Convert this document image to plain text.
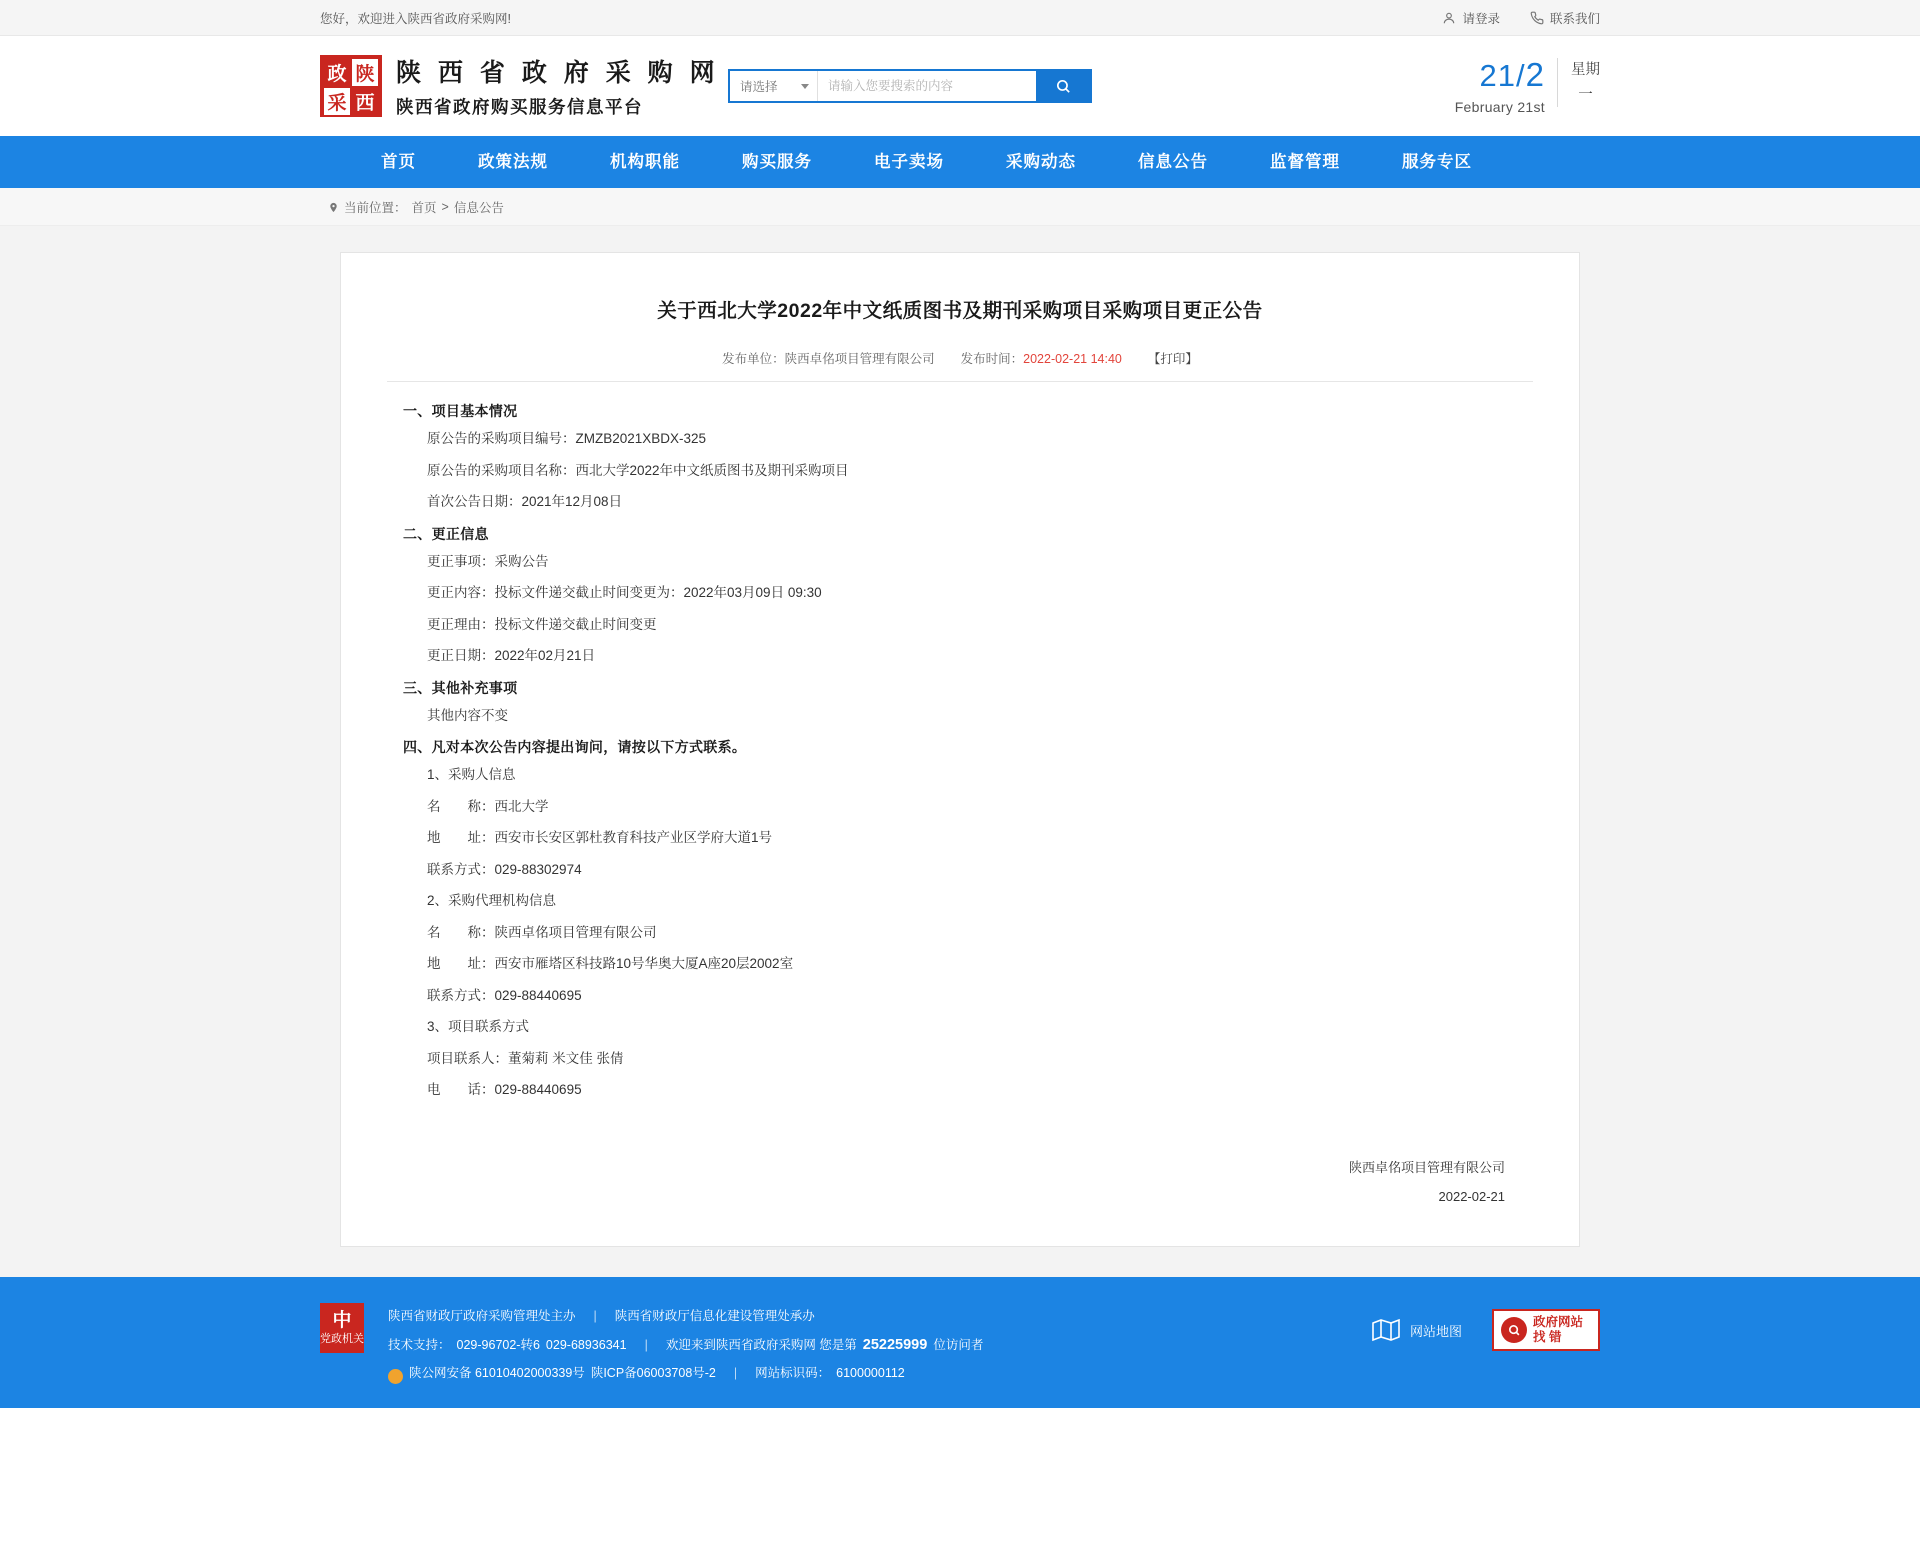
您好，欢迎进入陕西省政府采购网!	请登录	联系我们
政 陕
采 西
陕 西 省 政 府 采 购 网
陕西省政府购买服务信息平台
请选择
请输入您要搜索的内容	21/2
February 21st
星期
一
首页	政策法规	机构职能	购买服务	电子卖场	采购动态	信息公告	监督管理	服务专区
当前位置： 首页 > 信息公告
关于西北大学2022年中文纸质图书及期刊采购项目采购项目更正公告
发布单位：陕西卓佲项目管理有限公司 发布时间：2022-02-21 14:40 【打印】
一、项目基本情况
原公告的采购项目编号：ZMZB2021XBDX-325
原公告的采购项目名称：西北大学2022年中文纸质图书及期刊采购项目
首次公告日期：2021年12月08日
二、更正信息
更正事项：采购公告
更正内容：投标文件递交截止时间变更为：2022年03月09日 09:30
更正理由：投标文件递交截止时间变更
更正日期：2022年02月21日
三、其他补充事项
其他内容不变
四、凡对本次公告内容提出询问，请按以下方式联系。
1、采购人信息
名　　称：西北大学
地　　址：西安市长安区郭杜教育科技产业区学府大道1号
联系方式：029-88302974
2、采购代理机构信息
名　　称：陕西卓佲项目管理有限公司
地　　址：西安市雁塔区科技路10号华奥大厦A座20层2002室
联系方式：029-88440695
3、项目联系方式
项目联系人：董菊莉 米文佳 张倩
电　　话：029-88440695
陕西卓佲项目管理有限公司
2022-02-21
中
党政机关
陕西省财政厅政府采购管理处主办 | 陕西省财政厅信息化建设管理处承办
技术支持： 029-96702-转6 029-68936341 | 欢迎来到陕西省政府采购网 您是第 25225999 位访问者
陕公网安备 61010402000339号 陕ICP备06003708号-2 | 网站标识码： 6100000112
网站地图
政府网站
找 错
